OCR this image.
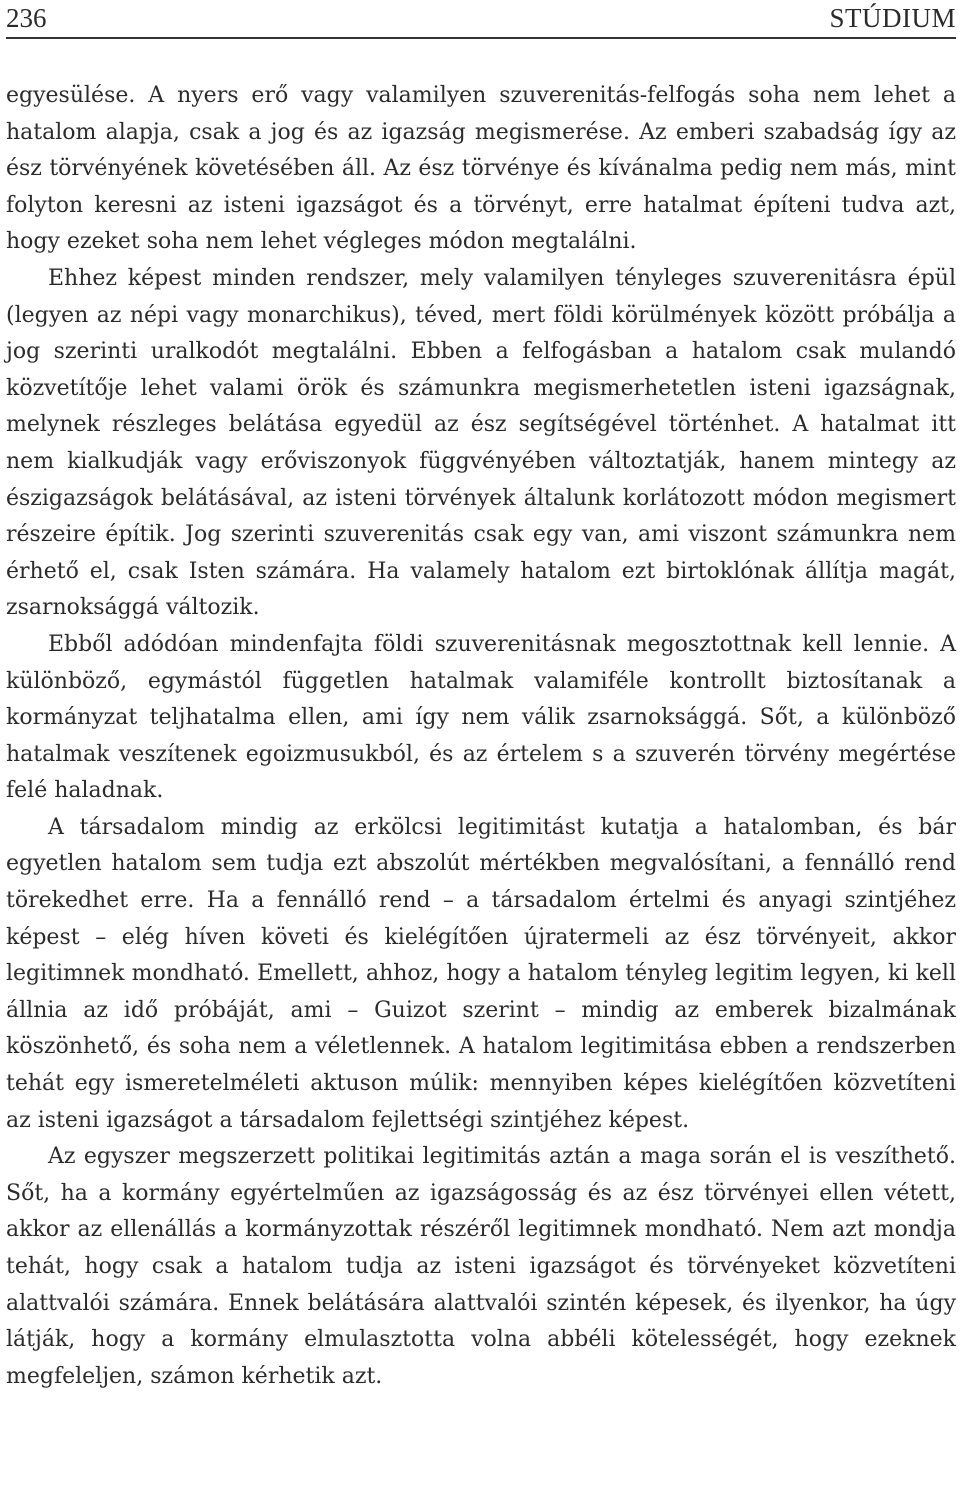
236	STÚDIUM

egyesülése. A nyers erő vagy valamilyen szuverenitás-felfogás soha nem lehet a hatalom alapja, csak a jog és az igazság megismerése. Az emberi szabadság így az ész törvényének követésében áll. Az ész törvénye és kívánalma pedig nem más, mint folyton keresni az isteni igazságot és a törvényt, erre hatalmat építeni tudva azt, hogy ezeket soha nem lehet végleges módon megtalálni.

Ehhez képest minden rendszer, mely valamilyen tényleges szuverenitásra épül (legyen az népi vagy monarchikus), téved, mert földi körülmények között próbálja a jog szerinti uralkodót megtalálni. Ebben a felfogásban a hatalom csak mulandó közvetítője lehet valami örök és számunkra megismerhetetlen isteni igazságnak, melynek részleges belátása egyedül az ész segítségével történhet. A hatalmat itt nem kialkudják vagy erőviszonyok függvényében változtatják, hanem mintegy az észigazságok belátásával, az isteni törvények általunk korlátozott módon megismert részeire építik. Jog szerinti szuverenitás csak egy van, ami viszont számunkra nem érhető el, csak Isten számára. Ha valamely hatalom ezt birtoklónak állítja magát, zsarnoksággá változik.

Ebből adódóan mindenfajta földi szuverenitásnak megosztottnak kell lennie. A különböző, egymástól független hatalmak valamiféle kontrollt biztosítanak a kormányzat teljhatalma ellen, ami így nem válik zsarnoksággá. Sőt, a különböző hatalmak veszítenek egoizmusukból, és az értelem s a szuverén törvény megértése felé haladnak.

A társadalom mindig az erkölcsi legitimitást kutatja a hatalomban, és bár egyetlen hatalom sem tudja ezt abszolút mértékben megvalósítani, a fennálló rend törekedhet erre. Ha a fennálló rend – a társadalom értelmi és anyagi szintjéhez képest – elég híven követi és kielégítően újratermeli az ész törvényeit, akkor legitimnek mondható. Emellett, ahhoz, hogy a hatalom tényleg legitim legyen, ki kell állnia az idő próbáját, ami – Guizot szerint – mindig az emberek bizalmának köszönhető, és soha nem a véletlennek. A hatalom legitimitása ebben a rendszerben tehát egy ismeretelméleti aktuson múlik: mennyiben képes kielégítően közvetíteni az isteni igazságot a társadalom fejlettségi szintjéhez képest.

Az egyszer megszerzett politikai legitimitás aztán a maga során el is veszíthető. Sőt, ha a kormány egyértelműen az igazságosság és az ész törvényei ellen vétett, akkor az ellenállás a kormányzottak részéről legitimnek mondható. Nem azt mondja tehát, hogy csak a hatalom tudja az isteni igazságot és törvényeket közvetíteni alattvalói számára. Ennek belátására alattvalói szintén képesek, és ilyenkor, ha úgy látják, hogy a kormány elmulasztotta volna abbéli kötelességét, hogy ezeknek megfeleljen, számon kérhetik azt.
